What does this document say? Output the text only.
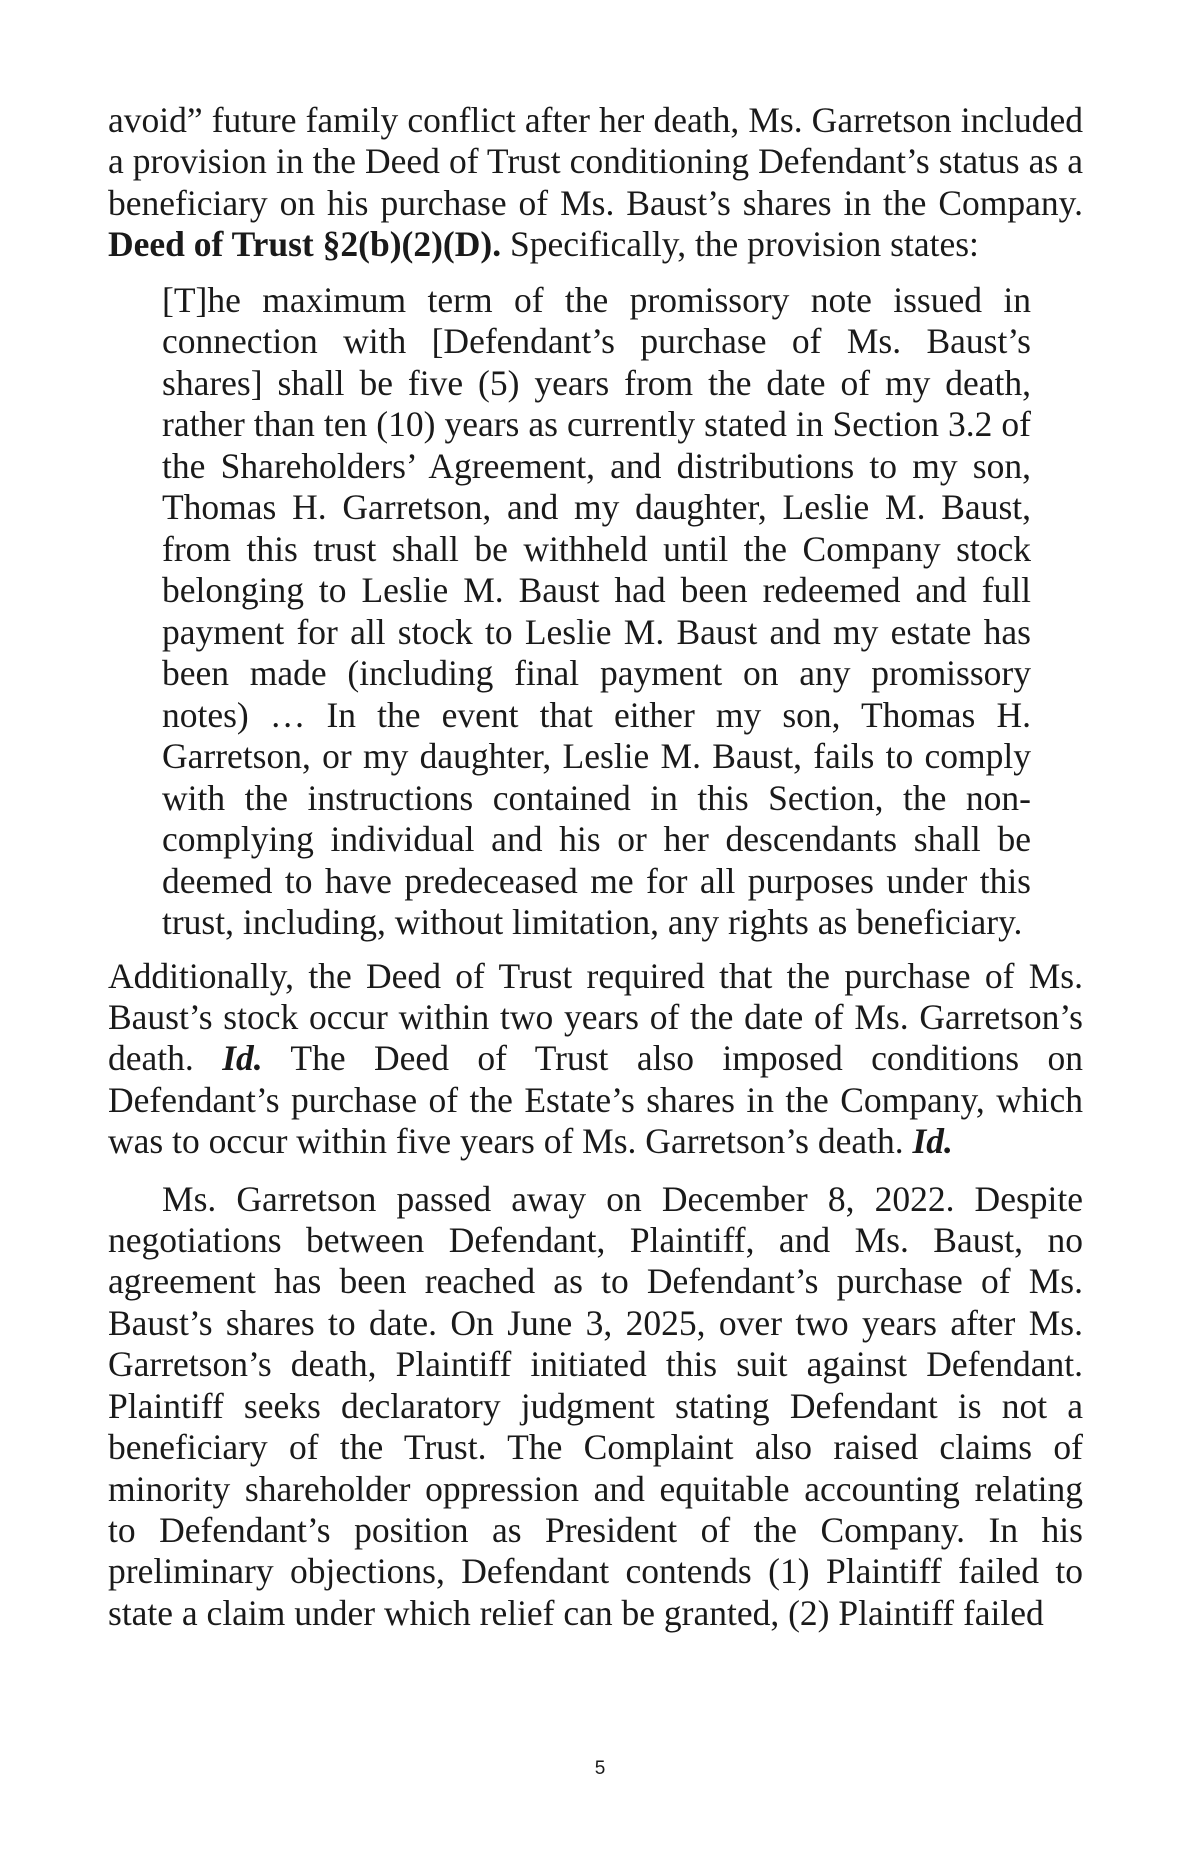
avoid” future family conflict after her death, Ms. Garretson included a provision in the Deed of Trust conditioning Defendant’s status as a beneficiary on his purchase of Ms. Baust’s shares in the Company. Deed of Trust §2(b)(2)(D). Specifically, the provision states:

[T]he maximum term of the promissory note issued in connection with [Defendant’s purchase of Ms. Baust’s shares] shall be five (5) years from the date of my death, rather than ten (10) years as currently stated in Section 3.2 of the Shareholders’ Agreement, and distributions to my son, Thomas H. Garretson, and my daughter, Leslie M. Baust, from this trust shall be withheld until the Company stock belonging to Leslie M. Baust had been redeemed and full payment for all stock to Leslie M. Baust and my estate has been made (including final payment on any promissory notes) … In the event that either my son, Thomas H. Garretson, or my daughter, Leslie M. Baust, fails to comply with the instructions contained in this Section, the non-complying individual and his or her descendants shall be deemed to have predeceased me for all purposes under this trust, including, without limitation, any rights as beneficiary.

Additionally, the Deed of Trust required that the purchase of Ms. Baust’s stock occur within two years of the date of Ms. Garretson’s death. Id. The Deed of Trust also imposed conditions on Defendant’s purchase of the Estate’s shares in the Company, which was to occur within five years of Ms. Garretson’s death. Id.

Ms. Garretson passed away on December 8, 2022. Despite negotiations between Defendant, Plaintiff, and Ms. Baust, no agreement has been reached as to Defendant’s purchase of Ms. Baust’s shares to date. On June 3, 2025, over two years after Ms. Garretson’s death, Plaintiff initiated this suit against Defendant. Plaintiff seeks declaratory judgment stating Defendant is not a beneficiary of the Trust. The Complaint also raised claims of minority shareholder oppression and equitable accounting relating to Defendant’s position as President of the Company. In his preliminary objections, Defendant contends (1) Plaintiff failed to state a claim under which relief can be granted, (2) Plaintiff failed

5
